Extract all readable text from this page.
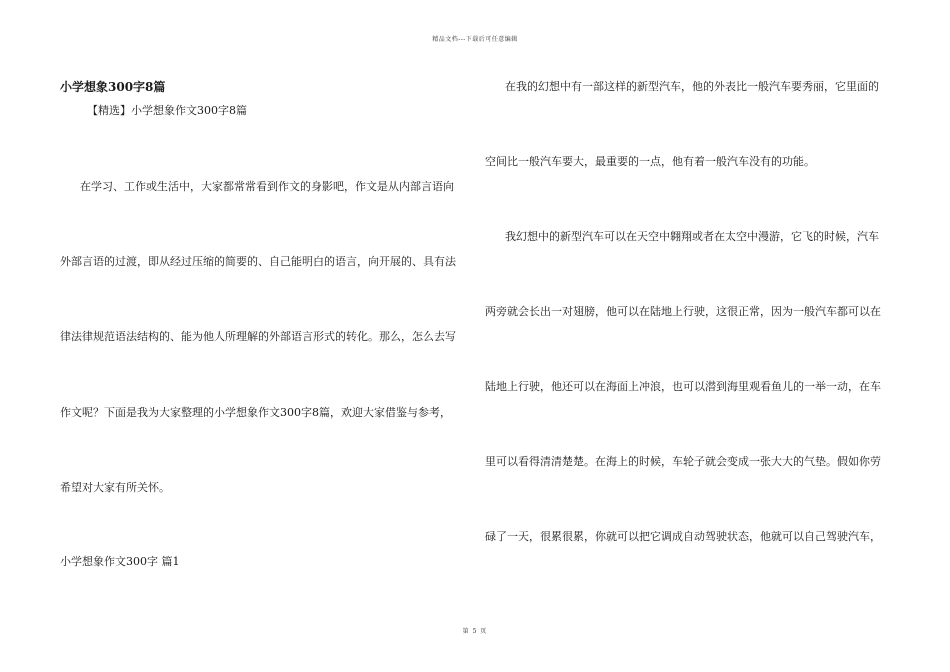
精品文档---下载后可任意编辑
小学想象300字8篇
【精选】小学想象作文300字8篇
在学习、工作或生活中，大家都常常看到作文的身影吧，作文是从内部言语向
外部言语的过渡，即从经过压缩的简要的、自己能明白的语言，向开展的、具有法
律法律规范语法结构的、能为他人所理解的外部语言形式的转化。那么，怎么去写
作文呢？下面是我为大家整理的小学想象作文300字8篇，欢迎大家借鉴与参考，
希望对大家有所关怀。
小学想象作文300字 篇1
在我的幻想中有一部这样的新型汽车，他的外表比一般汽车要秀丽，它里面的
空间比一般汽车要大，最重要的一点，他有着一般汽车没有的功能。
我幻想中的新型汽车可以在天空中翱翔或者在太空中漫游，它飞的时候，汽车
两旁就会长出一对翅膀，他可以在陆地上行驶，这很正常，因为一般汽车都可以在
陆地上行驶，他还可以在海面上冲浪，也可以潜到海里观看鱼儿的一举一动，在车
里可以看得清清楚楚。在海上的时候，车轮子就会变成一张大大的气垫。假如你劳
碌了一天，很累很累，你就可以把它调成自动驾驶状态，他就可以自己驾驶汽车，
第 5 页
